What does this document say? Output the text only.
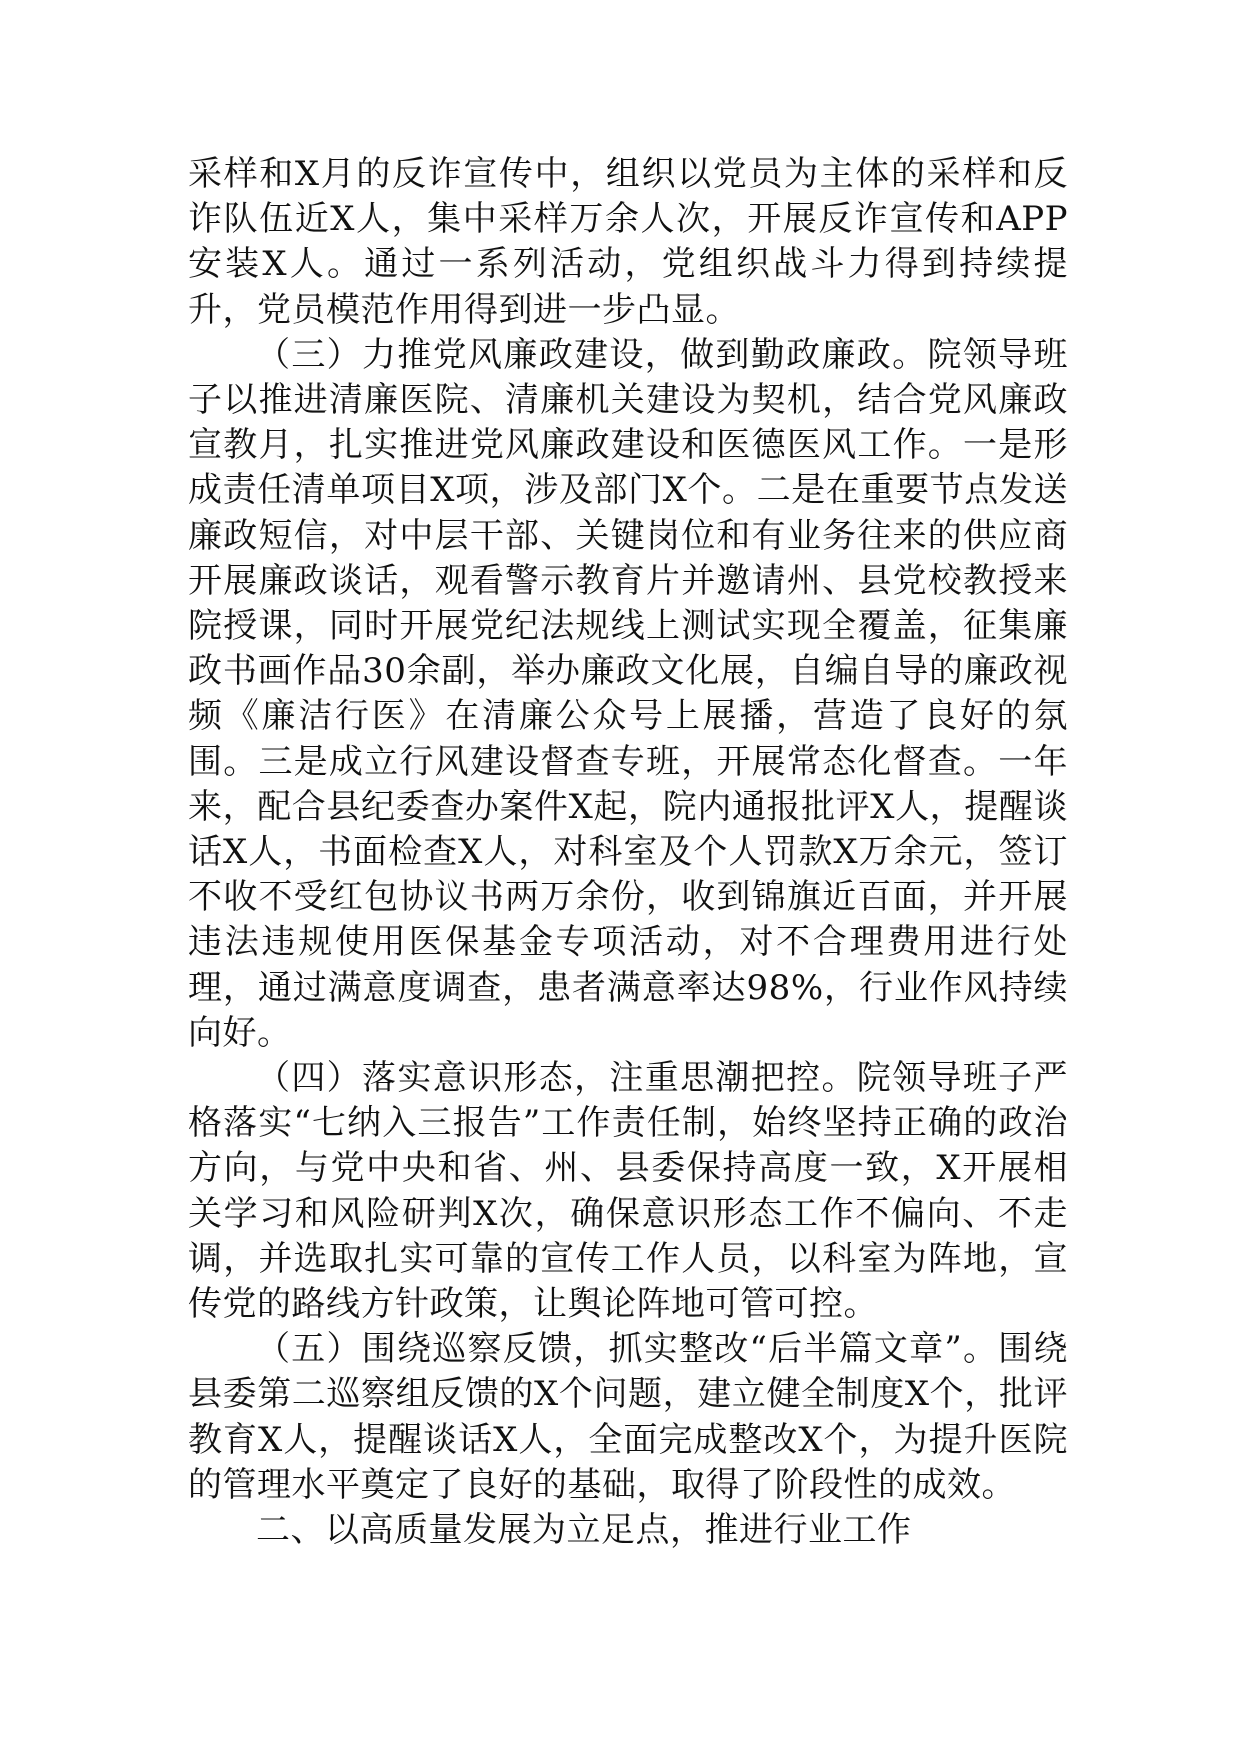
采样和X月的反诈宣传中，组织以党员为主体的采样和反诈队伍近X人，集中采样万余人次，开展反诈宣传和APP安装X人。通过一系列活动，党组织战斗力得到持续提升，党员模范作用得到进一步凸显。

（三）力推党风廉政建设，做到勤政廉政。院领导班子以推进清廉医院、清廉机关建设为契机，结合党风廉政宣教月，扎实推进党风廉政建设和医德医风工作。一是形成责任清单项目X项，涉及部门X个。二是在重要节点发送廉政短信，对中层干部、关键岗位和有业务往来的供应商开展廉政谈话，观看警示教育片并邀请州、县党校教授来院授课，同时开展党纪法规线上测试实现全覆盖，征集廉政书画作品30余副，举办廉政文化展，自编自导的廉政视频《廉洁行医》在清廉公众号上展播，营造了良好的氛围。三是成立行风建设督查专班，开展常态化督查。一年来，配合县纪委查办案件X起，院内通报批评X人，提醒谈话X人，书面检查X人，对科室及个人罚款X万余元，签订不收不受红包协议书两万余份，收到锦旗近百面，并开展违法违规使用医保基金专项活动，对不合理费用进行处理，通过满意度调查，患者满意率达98%，行业作风持续向好。

（四）落实意识形态，注重思潮把控。院领导班子严格落实“七纳入三报告”工作责任制，始终坚持正确的政治方向，与党中央和省、州、县委保持高度一致，X开展相关学习和风险研判X次，确保意识形态工作不偏向、不走调，并选取扎实可靠的宣传工作人员，以科室为阵地，宣传党的路线方针政策，让舆论阵地可管可控。

（五）围绕巡察反馈，抓实整改“后半篇文章”。围绕县委第二巡察组反馈的X个问题，建立健全制度X个，批评教育X人，提醒谈话X人，全面完成整改X个，为提升医院的管理水平奠定了良好的基础，取得了阶段性的成效。

二、以高质量发展为立足点，推进行业工作
